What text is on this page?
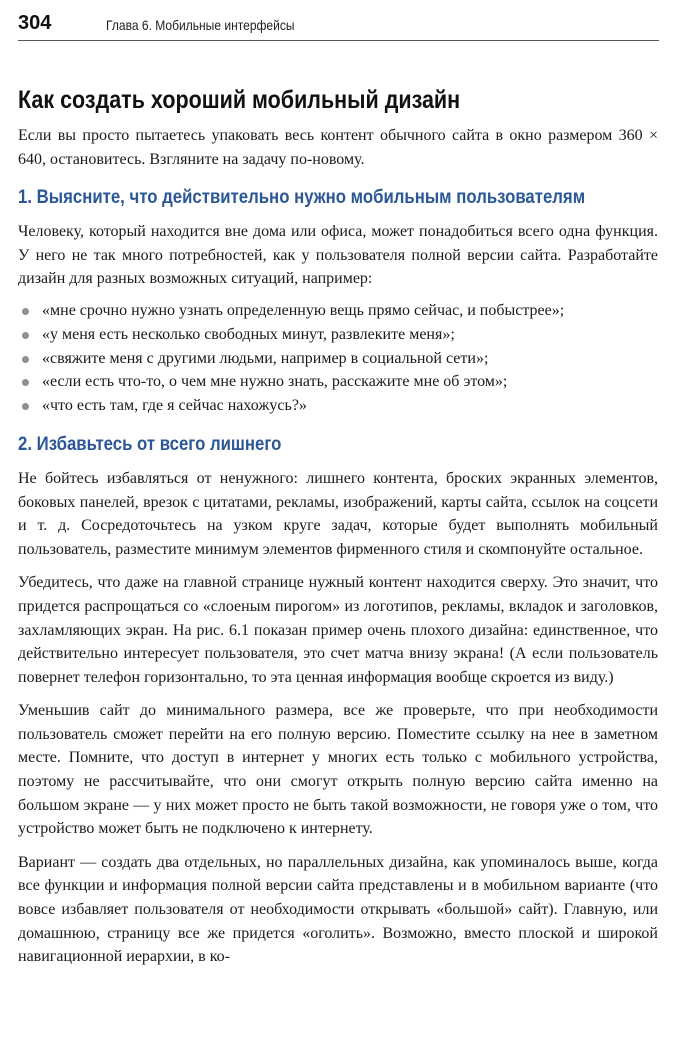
304	Глава 6. Мобильные интерфейсы
Как создать хороший мобильный дизайн

Если вы просто пытаетесь упаковать весь контент обычного сайта в окно размером 360 × 640, остановитесь. Взгляните на задачу по-новому.

1. Выясните, что действительно нужно мобильным пользователям

Человеку, который находится вне дома или офиса, может понадобиться всего одна функция. У него не так много потребностей, как у пользователя полной версии сайта. Разработайте дизайн для разных возможных ситуаций, например:

«мне срочно нужно узнать определенную вещь прямо сейчас, и побыстрее»;
«у меня есть несколько свободных минут, развлеките меня»;
«свяжите меня с другими людьми, например в социальной сети»;
«если есть что-то, о чем мне нужно знать, расскажите мне об этом»;
«что есть там, где я сейчас нахожусь?»
2. Избавьтесь от всего лишнего

Не бойтесь избавляться от ненужного: лишнего контента, броских экранных элементов, боковых панелей, врезок с цитатами, рекламы, изображений, карты сайта, ссылок на соцсети и т. д. Сосредоточьтесь на узком круге задач, которые будет выполнять мобильный пользователь, разместите минимум элементов фирменного стиля и скомпонуйте остальное.

Убедитесь, что даже на главной странице нужный контент находится сверху. Это значит, что придется распрощаться со «слоеным пирогом» из логотипов, рекламы, вкладок и заголовков, захламляющих экран. На рис. 6.1 показан пример очень плохого дизайна: единственное, что действительно интересует пользователя, это счет матча внизу экрана! (А если пользователь повернет телефон горизонтально, то эта ценная информация вообще скроется из виду.)

Уменьшив сайт до минимального размера, все же проверьте, что при необходимости пользователь сможет перейти на его полную версию. Поместите ссылку на нее в заметном месте. Помните, что доступ в интернет у многих есть только с мобильного устройства, поэтому не рассчитывайте, что они смогут открыть полную версию сайта именно на большом экране — у них может просто не быть такой возможности, не говоря уже о том, что устройство может быть не подключено к интернету.

Вариант — создать два отдельных, но параллельных дизайна, как упоминалось выше, когда все функции и информация полной версии сайта представлены и в мобильном варианте (что вовсе избавляет пользователя от необходимости открывать «большой» сайт). Главную, или домашнюю, страницу все же придется «оголить». Возможно, вместо плоской и широкой навигационной иерархии, в ко-
